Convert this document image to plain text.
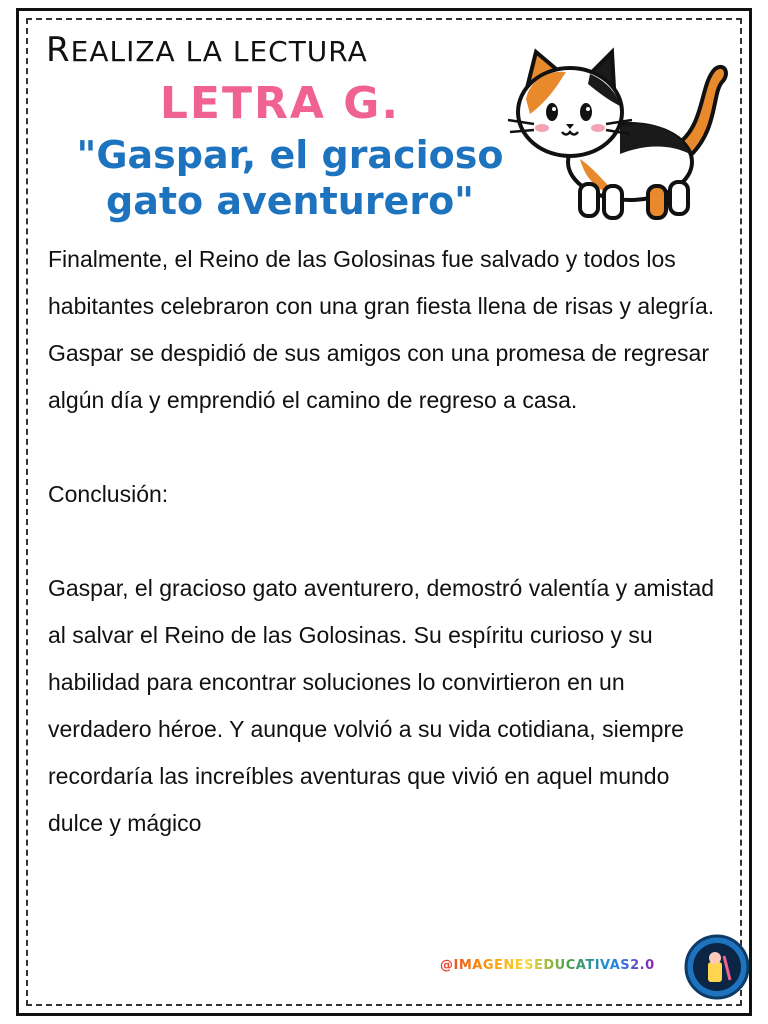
REALIZA LA LECTURA
LETRA G.
"Gaspar, el gracioso
gato aventurero"

Finalmente, el Reino de las Golosinas fue salvado y todos los habitantes celebraron con una gran fiesta llena de risas y alegría. Gaspar se despidió de sus amigos con una promesa de regresar algún día y emprendió el camino de regreso a casa.

Conclusión:

Gaspar, el gracioso gato aventurero, demostró valentía y amistad al salvar el Reino de las Golosinas. Su espíritu curioso y su habilidad para encontrar soluciones lo convirtieron en un verdadero héroe. Y aunque volvió a su vida cotidiana, siempre recordaría las increíbles aventuras que vivió en aquel mundo dulce y mágico

@IMAGENESEDUCATIVAS2.0
